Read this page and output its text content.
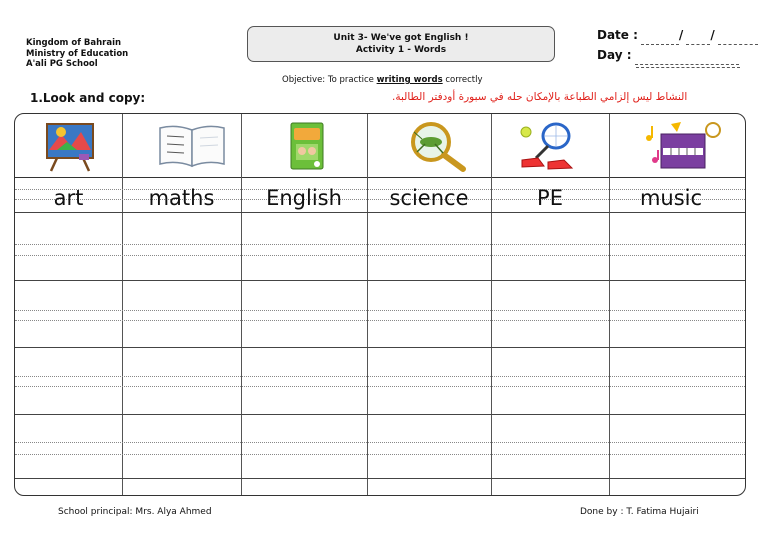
Kingdom of Bahrain
Ministry of Education
A'ali PG School
Unit 3- We've got English !
Activity 1 - Words
Date :	/ /
Day :
Objective: To practice writing words correctly
1.Look and copy:	النشاط ليس إلزامي الطباعة بالإمكان حله في سبورة أودفتر الطالبة.
art	maths	English	science	PE	music
School principal: Mrs. Alya Ahmed	Done by : T. Fatima Hujairi
